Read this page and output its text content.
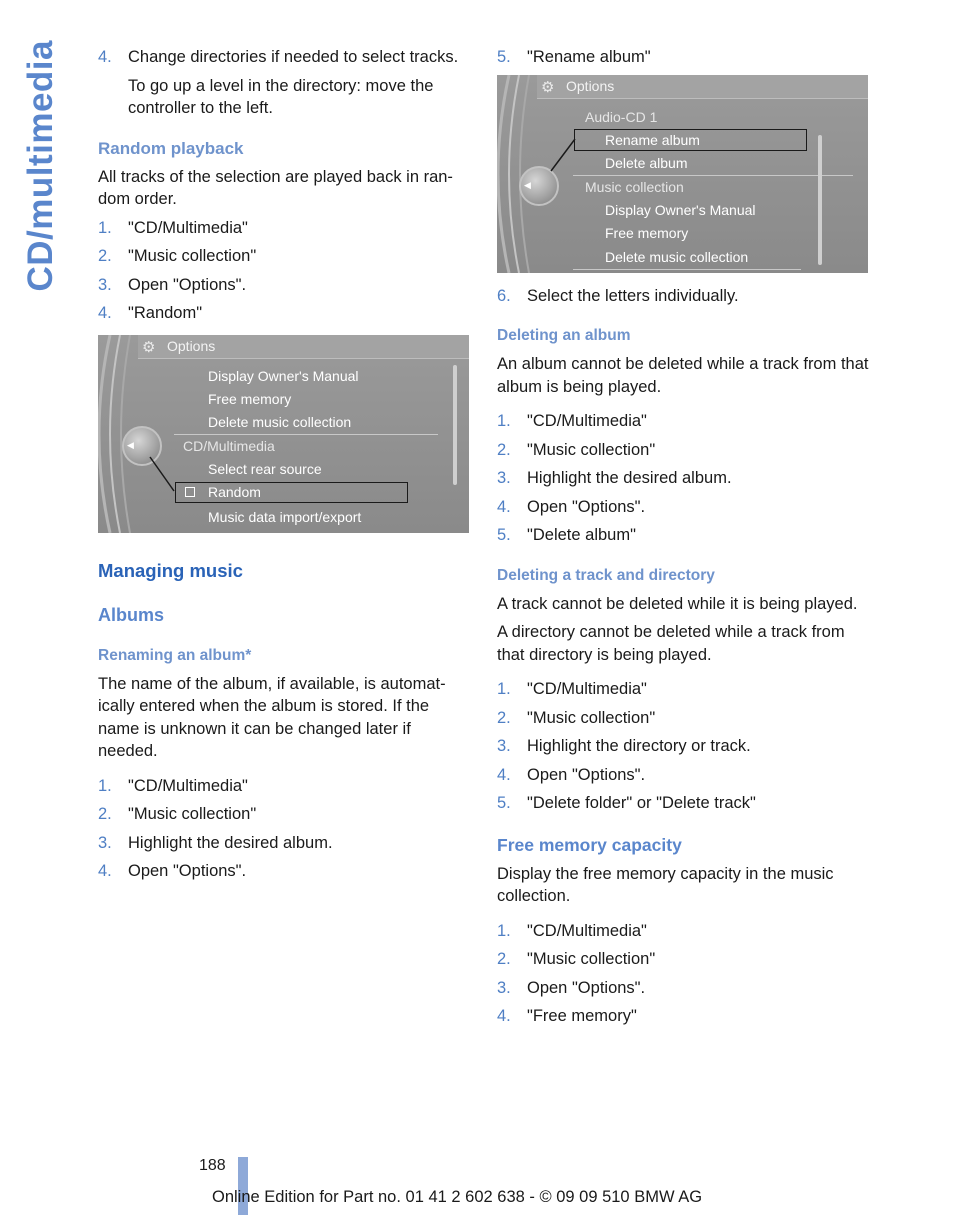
CD/multimedia 4. Change directories if needed to select tracks.
To go up a level in the directory: move the controller to the left.
Random playback
All tracks of the selection are played back in ran-dom order.
1. "CD/Multimedia"
2. "Music collection"
3. Open "Options".
4. "Random"
⚙ Options
Display Owner's Manual
Free memory
Delete music collection
CD/Multimedia
Select rear source
Random
Music data import/export
◀
Managing music
Albums
Renaming an album*
The name of the album, if available, is automat-ically entered when the album is stored. If the name is unknown it can be changed later if needed.
1. "CD/Multimedia"
2. "Music collection"
3. Highlight the desired album.
4. Open "Options".
5. "Rename album"
⚙ Options
Audio-CD 1
Rename album
Delete album
Music collection
Display Owner's Manual
Free memory
Delete music collection
◀
6. Select the letters individually.
Deleting an album
An album cannot be deleted while a track from that album is being played.
1. "CD/Multimedia"
2. "Music collection"
3. Highlight the desired album.
4. Open "Options".
5. "Delete album"
Deleting a track and directory
A track cannot be deleted while it is being played.
A directory cannot be deleted while a track from that directory is being played.
1. "CD/Multimedia"
2. "Music collection"
3. Highlight the directory or track.
4. Open "Options".
5. "Delete folder" or "Delete track"
Free memory capacity
Display the free memory capacity in the music collection.
1. "CD/Multimedia"
2. "Music collection"
3. Open "Options".
4. "Free memory"
188
Online Edition for Part no. 01 41 2 602 638 - © 09 09 510 BMW AG
